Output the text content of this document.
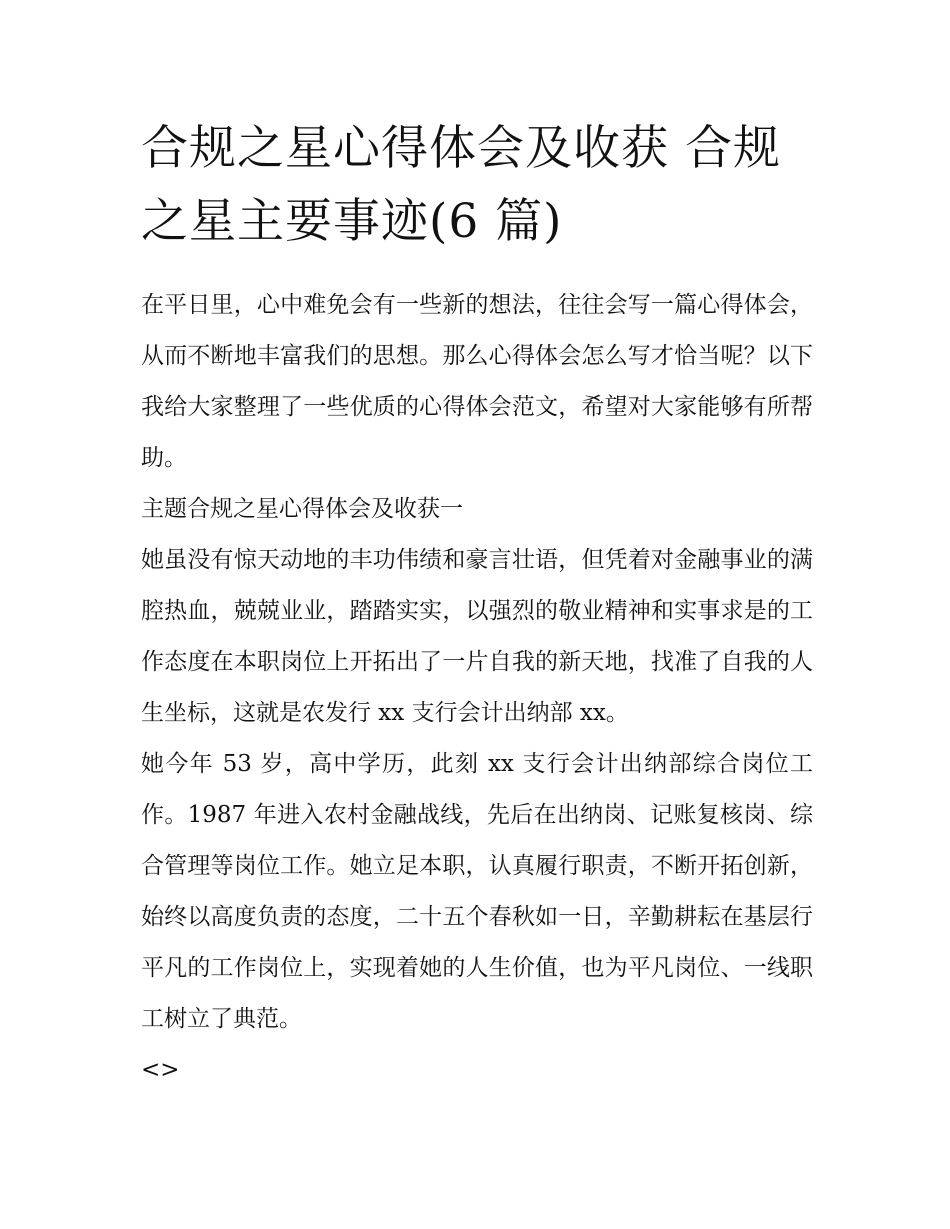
合规之星心得体会及收获 合规之星主要事迹(6 篇)

在平日里，心中难免会有一些新的想法，往往会写一篇心得体会，从而不断地丰富我们的思想。那么心得体会怎么写才恰当呢？以下我给大家整理了一些优质的心得体会范文，希望对大家能够有所帮助。

主题合规之星心得体会及收获一

她虽没有惊天动地的丰功伟绩和豪言壮语，但凭着对金融事业的满腔热血，兢兢业业，踏踏实实，以强烈的敬业精神和实事求是的工作态度在本职岗位上开拓出了一片自我的新天地，找准了自我的人生坐标，这就是农发行 xx 支行会计出纳部 xx。

她今年 53 岁，高中学历，此刻 xx 支行会计出纳部综合岗位工作。1987 年进入农村金融战线，先后在出纳岗、记账复核岗、综合管理等岗位工作。她立足本职，认真履行职责，不断开拓创新，始终以高度负责的态度，二十五个春秋如一日，辛勤耕耘在基层行平凡的工作岗位上，实现着她的人生价值，也为平凡岗位、一线职工树立了典范。

<>
